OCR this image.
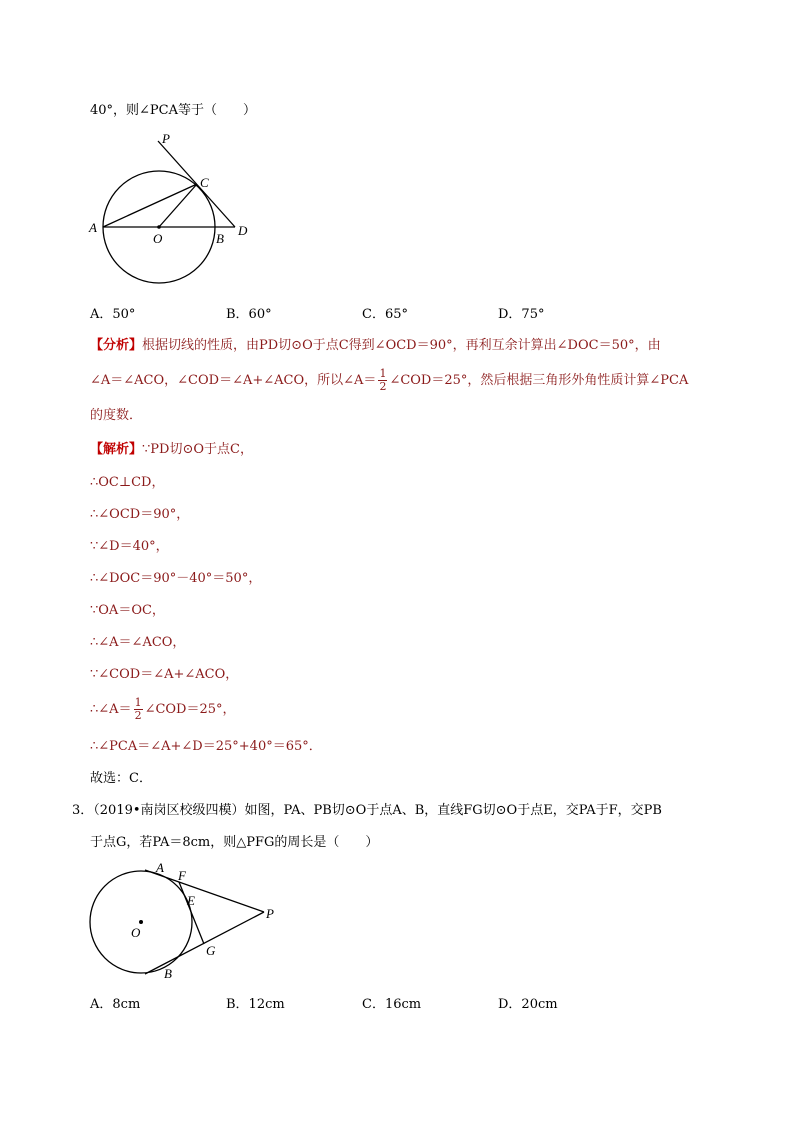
40°，则∠PCA等于（　　）
P
C
A
O	B
D
A．50°	B．60°	C．65°	D．75°
【分析】根据切线的性质，由PD切⊙O于点C得到∠OCD＝90°，再利互余计算出∠DOC＝50°，由
∠A＝∠ACO，∠COD＝∠A+∠ACO，所以∠A＝ $\frac{1}{2}$ ∠COD＝25°，然后根据三角形外角性质计算∠PCA
的度数．
【解析】∵PD切⊙O于点C，
∴OC⊥CD，
∴∠OCD＝90°，
∵∠D＝40°，
∴∠DOC＝90°－40°＝50°，
∵OA＝OC，
∴∠A＝∠ACO，
∵∠COD＝∠A+∠ACO，
∴∠A＝ $\frac{1}{2}$ ∠COD＝25°，
∴∠PCA＝∠A+∠D＝25°+40°＝65°．
故选：C．
3．（2019•南岗区校级四模）如图，PA、PB切⊙O于点A、B，直线FG切⊙O于点E，交PA于F，交PB
于点G，若PA＝8cm，则△PFG的周长是（　　）
A
F
E
P
O
G
B
A．8cm	B．12cm	C．16cm	D．20cm
